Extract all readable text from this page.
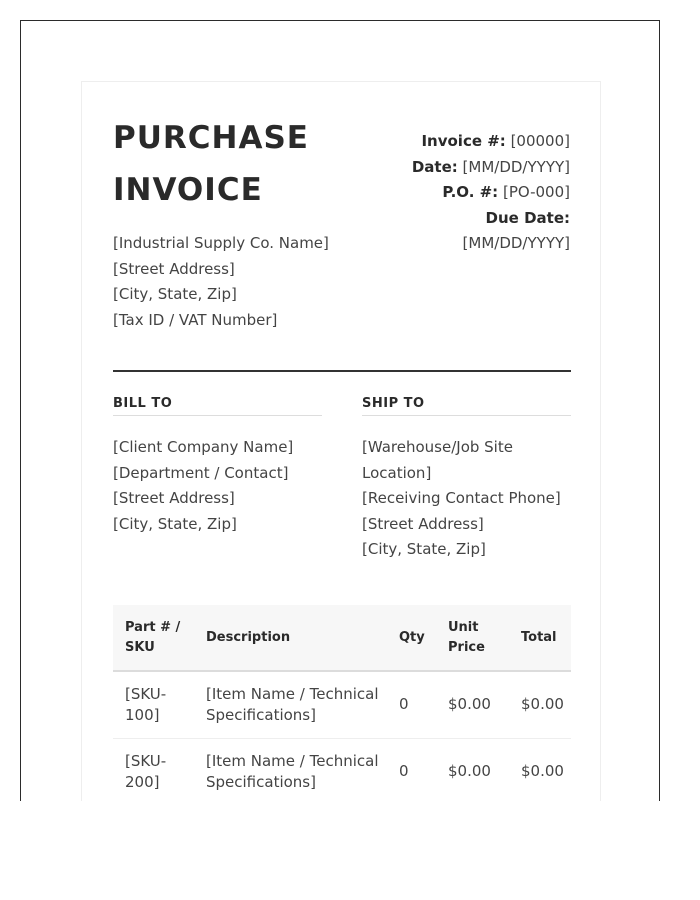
PURCHASE
INVOICE
[Industrial Supply Co. Name]
[Street Address]
[City, State, Zip]
[Tax ID / VAT Number]
Invoice #: [00000]
Date: [MM/DD/YYYY]
P.O. #: [PO-000]
Due Date:
[MM/DD/YYYY]
BILL TO
[Client Company Name]
[Department / Contact]
[Street Address]
[City, State, Zip]
SHIP TO
[Warehouse/Job Site Location]
[Receiving Contact Phone]
[Street Address]
[City, State, Zip]
Part # / SKU	Description	Qty	Unit Price	Total
[SKU-100]	[Item Name / Technical Specifications]	0	$0.00	$0.00
[SKU-200]	[Item Name / Technical Specifications]	0	$0.00	$0.00
